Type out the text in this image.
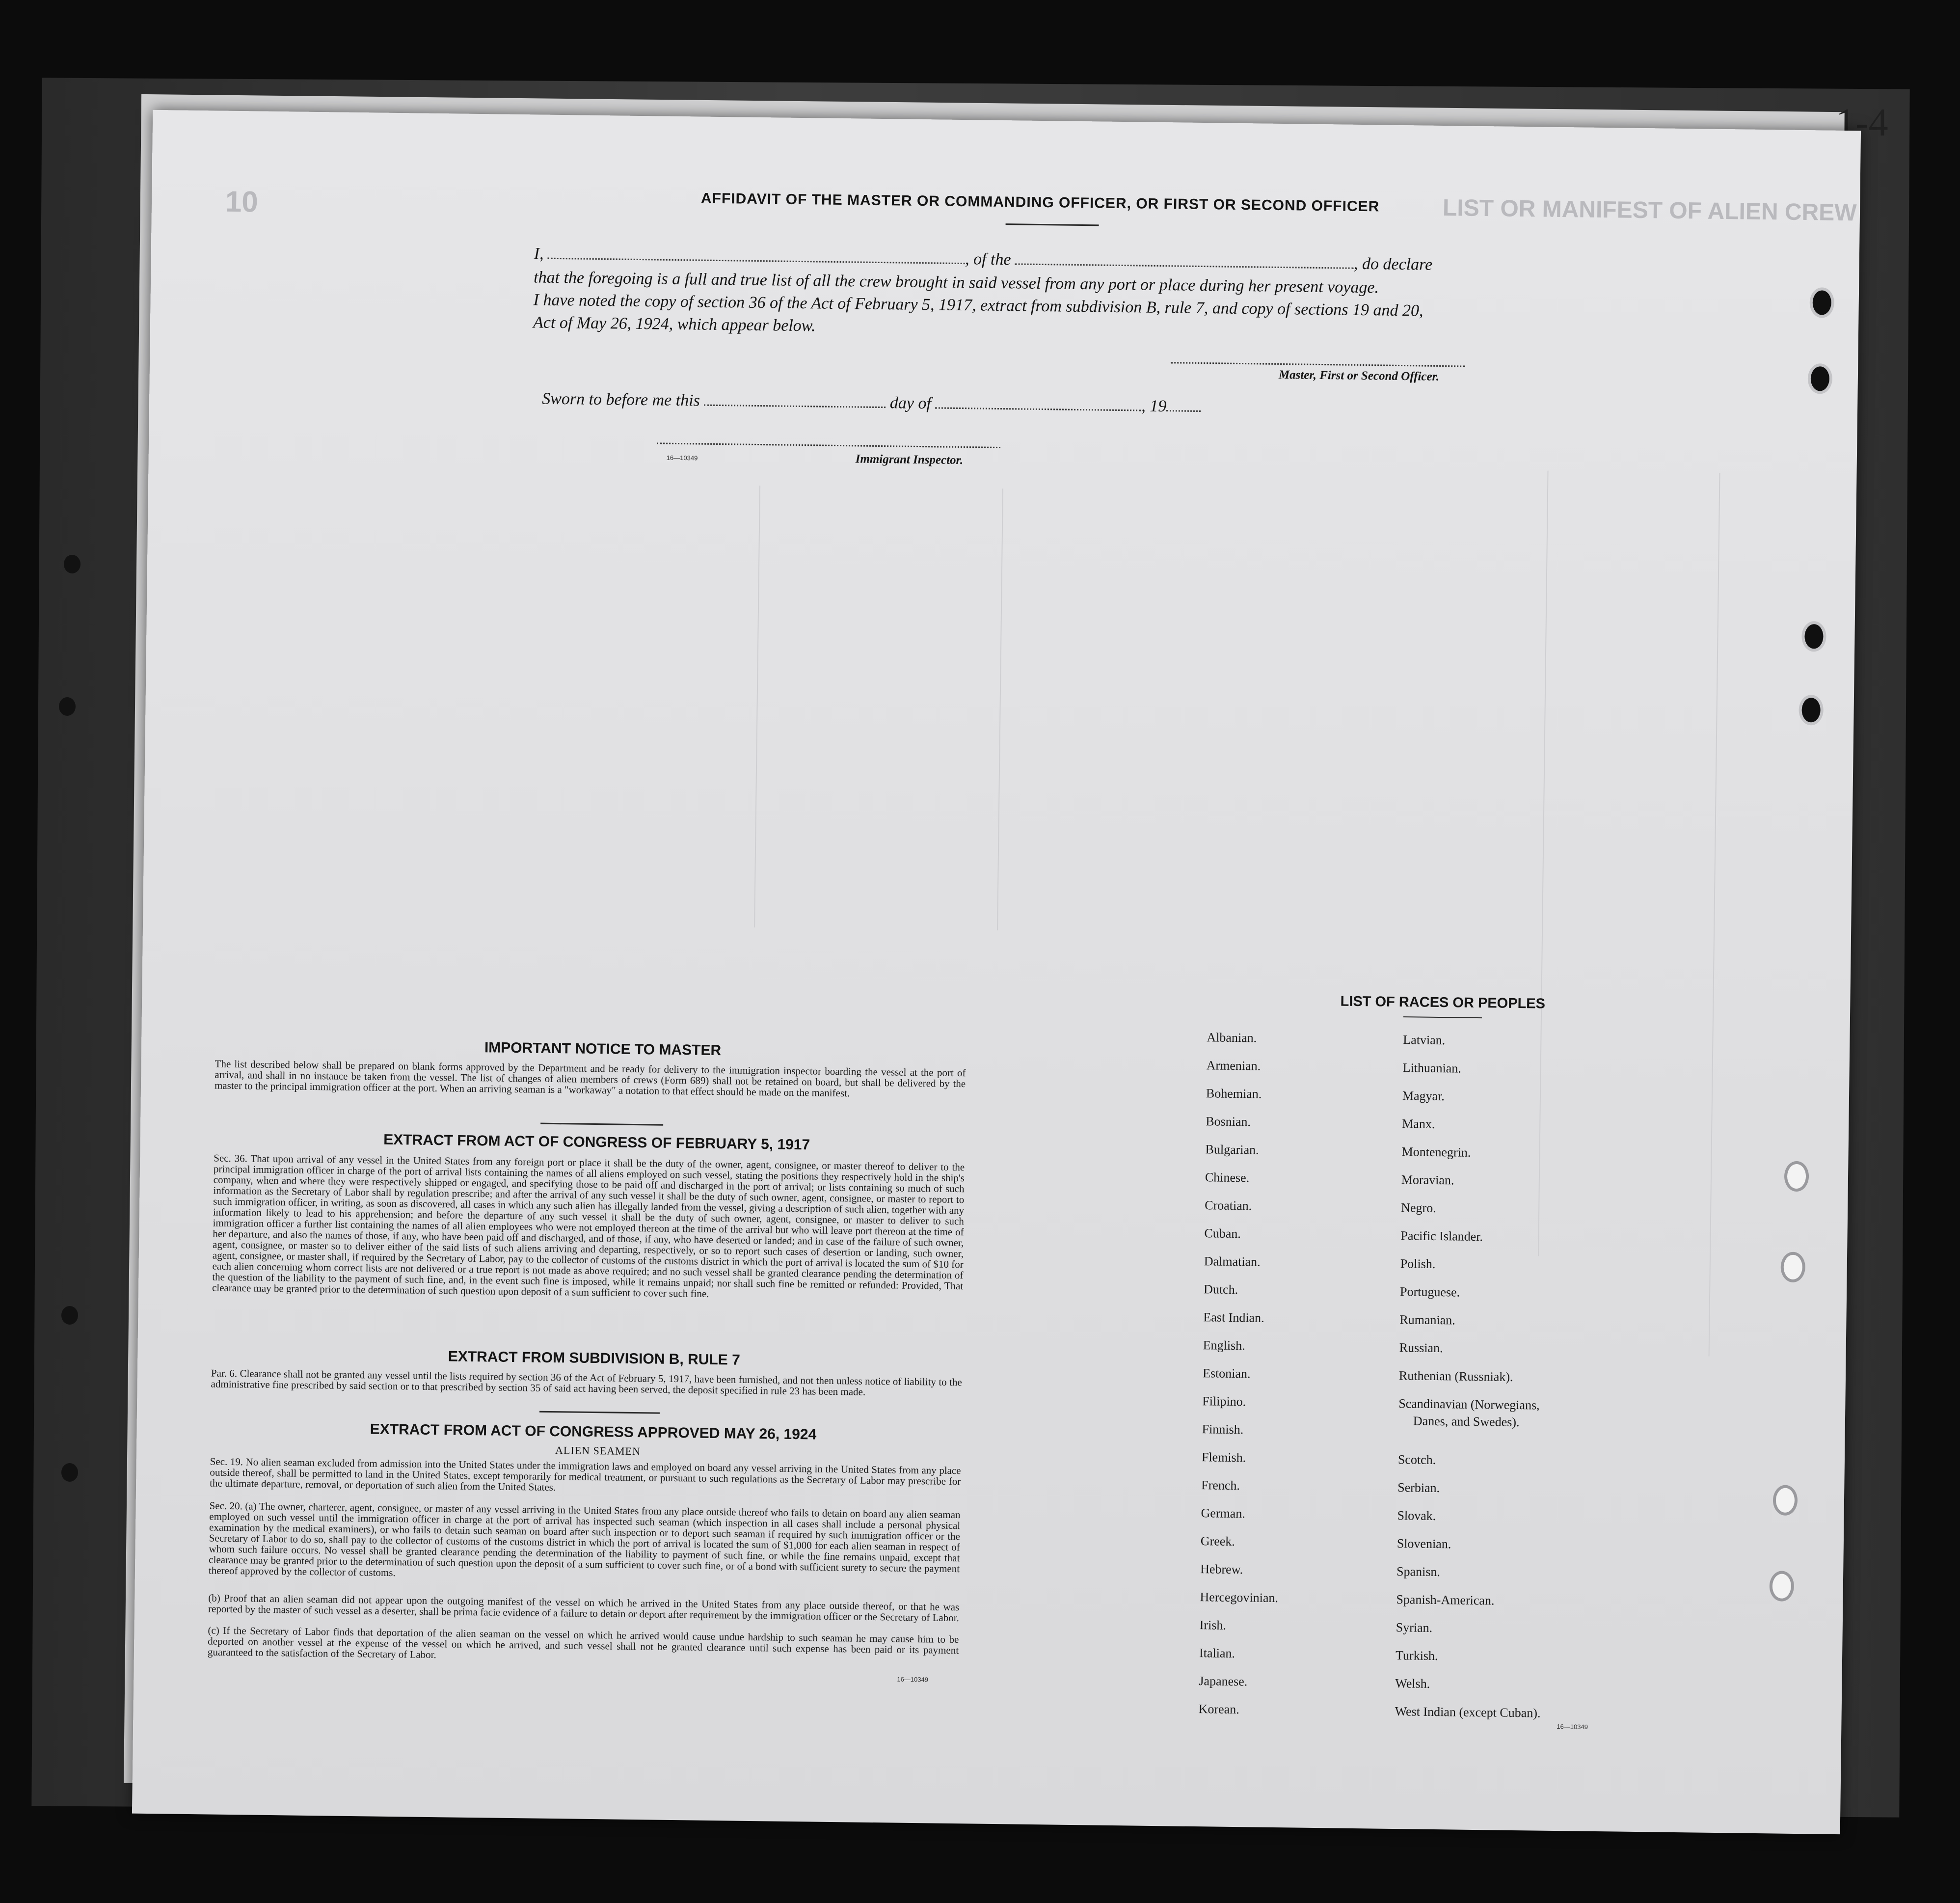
1-4
10	LIST OR MANIFEST OF ALIEN CREW
AFFIDAVIT OF THE MASTER OR COMMANDING OFFICER, OR FIRST OR SECOND OFFICER
I,	, of the	, do declare
that the foregoing is a full and true list of all the crew brought in said vessel from any port or place during her present voyage.
I have noted the copy of section 36 of the Act of February 5, 1917, extract from subdivision B, rule 7, and copy of sections 19 and 20,
Act of May 26, 1924, which appear below.
Master, First or Second Officer.
Sworn to before me this	day of	, 19
16—10349	Immigrant Inspector.
IMPORTANT NOTICE TO MASTER
The list described below shall be prepared on blank forms approved by the Department and be ready for delivery to the immigration inspector boarding the vessel at the port of arrival, and shall in no instance be taken from the vessel. The list of changes of alien members of crews (Form 689) shall not be retained on board, but shall be delivered by the master to the principal immigration officer at the port. When an arriving seaman is a "workaway" a notation to that effect should be made on the manifest.
EXTRACT FROM ACT OF CONGRESS OF FEBRUARY 5, 1917
Sec. 36. That upon arrival of any vessel in the United States from any foreign port or place it shall be the duty of the owner, agent, consignee, or master thereof to deliver to the principal immigration officer in charge of the port of arrival lists containing the names of all aliens employed on such vessel, stating the positions they respectively hold in the ship's company, when and where they were respectively shipped or engaged, and specifying those to be paid off and discharged in the port of arrival; or lists containing so much of such information as the Secretary of Labor shall by regulation prescribe; and after the arrival of any such vessel it shall be the duty of such owner, agent, consignee, or master to report to such immigration officer, in writing, as soon as discovered, all cases in which any such alien has illegally landed from the vessel, giving a description of such alien, together with any information likely to lead to his apprehension; and before the departure of any such vessel it shall be the duty of such owner, agent, consignee, or master to deliver to such immigration officer a further list containing the names of all alien employees who were not employed thereon at the time of the arrival but who will leave port thereon at the time of her departure, and also the names of those, if any, who have been paid off and discharged, and of those, if any, who have deserted or landed; and in case of the failure of such owner, agent, consignee, or master so to deliver either of the said lists of such aliens arriving and departing, respectively, or so to report such cases of desertion or landing, such owner, agent, consignee, or master shall, if required by the Secretary of Labor, pay to the collector of customs of the customs district in which the port of arrival is located the sum of $10 for each alien concerning whom correct lists are not delivered or a true report is not made as above required; and no such vessel shall be granted clearance pending the determination of the question of the liability to the payment of such fine, and, in the event such fine is imposed, while it remains unpaid; nor shall such fine be remitted or refunded: Provided, That clearance may be granted prior to the determination of such question upon deposit of a sum sufficient to cover such fine.
EXTRACT FROM SUBDIVISION B, RULE 7
Par. 6. Clearance shall not be granted any vessel until the lists required by section 36 of the Act of February 5, 1917, have been furnished, and not then unless notice of liability to the administrative fine prescribed by said section or to that prescribed by section 35 of said act having been served, the deposit specified in rule 23 has been made.
EXTRACT FROM ACT OF CONGRESS APPROVED MAY 26, 1924
ALIEN SEAMEN
Sec. 19. No alien seaman excluded from admission into the United States under the immigration laws and employed on board any vessel arriving in the United States from any place outside thereof, shall be permitted to land in the United States, except temporarily for medical treatment, or pursuant to such regulations as the Secretary of Labor may prescribe for the ultimate departure, removal, or deportation of such alien from the United States.
Sec. 20. (a) The owner, charterer, agent, consignee, or master of any vessel arriving in the United States from any place outside thereof who fails to detain on board any alien seaman employed on such vessel until the immigration officer in charge at the port of arrival has inspected such seaman (which inspection in all cases shall include a personal physical examination by the medical examiners), or who fails to detain such seaman on board after such inspection or to deport such seaman if required by such immigration officer or the Secretary of Labor to do so, shall pay to the collector of customs of the customs district in which the port of arrival is located the sum of $1,000 for each alien seaman in respect of whom such failure occurs. No vessel shall be granted clearance pending the determination of the liability to payment of such fine, or while the fine remains unpaid, except that clearance may be granted prior to the determination of such question upon the deposit of a sum sufficient to cover such fine, or of a bond with sufficient surety to secure the payment thereof approved by the collector of customs.
(b) Proof that an alien seaman did not appear upon the outgoing manifest of the vessel on which he arrived in the United States from any place outside thereof, or that he was reported by the master of such vessel as a deserter, shall be prima facie evidence of a failure to detain or deport after requirement by the immigration officer or the Secretary of Labor.
(c) If the Secretary of Labor finds that deportation of the alien seaman on the vessel on which he arrived would cause undue hardship to such seaman he may cause him to be deported on another vessel at the expense of the vessel on which he arrived, and such vessel shall not be granted clearance until such expense has been paid or its payment guaranteed to the satisfaction of the Secretary of Labor.
16—10349
LIST OF RACES OR PEOPLES
Albanian.
Armenian.
Bohemian.
Bosnian.
Bulgarian.
Chinese.
Croatian.
Cuban.
Dalmatian.
Dutch.
East Indian.
English.
Estonian.
Filipino.
Finnish.
Flemish.
French.
German.
Greek.
Hebrew.
Hercegovinian.
Irish.
Italian.
Japanese.
Korean.
Latvian.
Lithuanian.
Magyar.
Manx.
Montenegrin.
Moravian.
Negro.
Pacific Islander.
Polish.
Portuguese.
Rumanian.
Russian.
Ruthenian (Russniak).
Scandinavian (Norwegians,
Danes, and Swedes).
Scotch.
Serbian.
Slovak.
Slovenian.
Spanisn.
Spanish-American.
Syrian.
Turkish.
Welsh.
West Indian (except Cuban).
16—10349
